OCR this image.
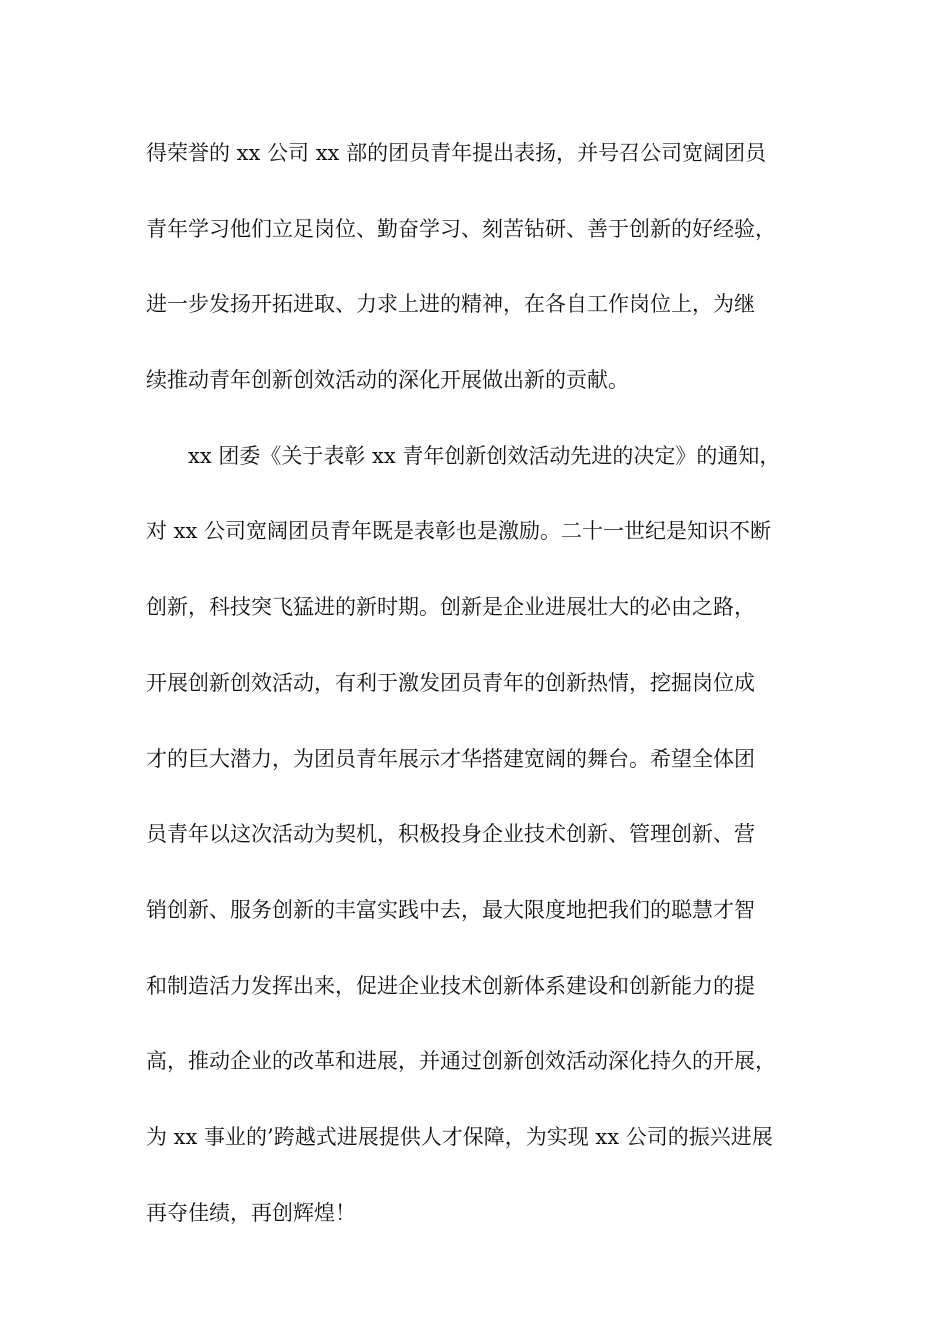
得荣誉的 xx 公司 xx 部的团员青年提出表扬，并号召公司宽阔团员
青年学习他们立足岗位、勤奋学习、刻苦钻研、善于创新的好经验，
进一步发扬开拓进取、力求上进的精神，在各自工作岗位上，为继
续推动青年创新创效活动的深化开展做出新的贡献。
xx 团委《关于表彰 xx 青年创新创效活动先进的决定》的通知，
对 xx 公司宽阔团员青年既是表彰也是激励。二十一世纪是知识不断
创新，科技突飞猛进的新时期。创新是企业进展壮大的必由之路，
开展创新创效活动，有利于激发团员青年的创新热情，挖掘岗位成
才的巨大潜力，为团员青年展示才华搭建宽阔的舞台。希望全体团
员青年以这次活动为契机，积极投身企业技术创新、管理创新、营
销创新、服务创新的丰富实践中去，最大限度地把我们的聪慧才智
和制造活力发挥出来，促进企业技术创新体系建设和创新能力的提
高，推动企业的改革和进展，并通过创新创效活动深化持久的开展，
为 xx 事业的’跨越式进展提供人才保障，为实现 xx 公司的振兴进展
再夺佳绩，再创辉煌！
